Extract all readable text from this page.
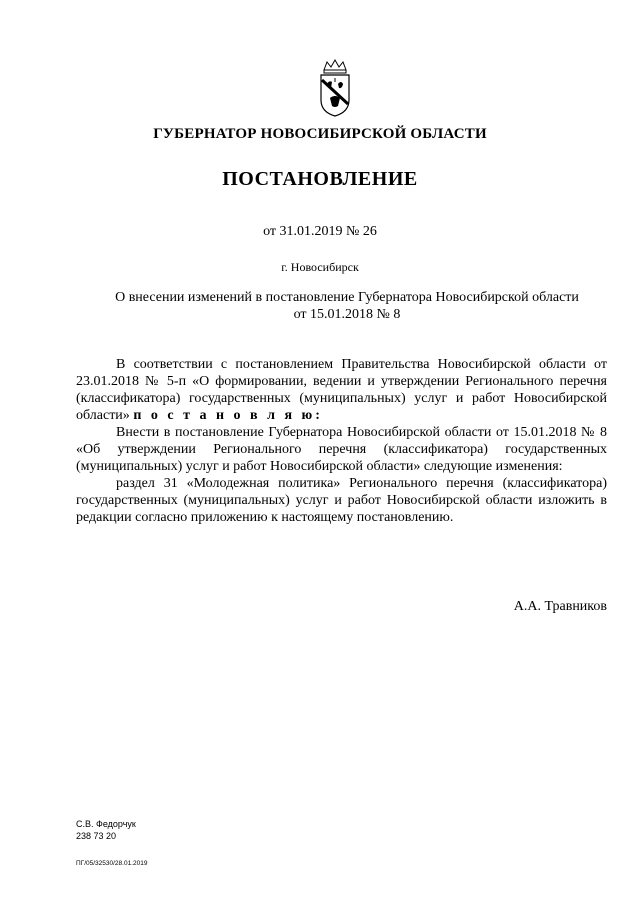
ГУБЕРНАТОР НОВОСИБИРСКОЙ ОБЛАСТИ
ПОСТАНОВЛЕНИЕ
от 31.01.2019 № 26
г. Новосибирск
О внесении изменений в постановление Губернатора Новосибирской области
от 15.01.2018 № 8

В соответствии с постановлением Правительства Новосибирской области от 23.01.2018 № 5-п «О формировании, ведении и утверждении Регионального перечня (классификатора) государственных (муниципальных) услуг и работ Новосибирской области» п о с т а н о в л я ю:

Внести в постановление Губернатора Новосибирской области от 15.01.2018 № 8 «Об утверждении Регионального перечня (классификатора) государственных (муниципальных) услуг и работ Новосибирской области» следующие изменения:

раздел 31 «Молодежная политика» Регионального перечня (классификатора) государственных (муниципальных) услуг и работ Новосибирской области изложить в редакции согласно приложению к настоящему постановлению.

А.А. Травников
С.В. Федорчук
238 73 20
ПГ/05/32530/28.01.2019
